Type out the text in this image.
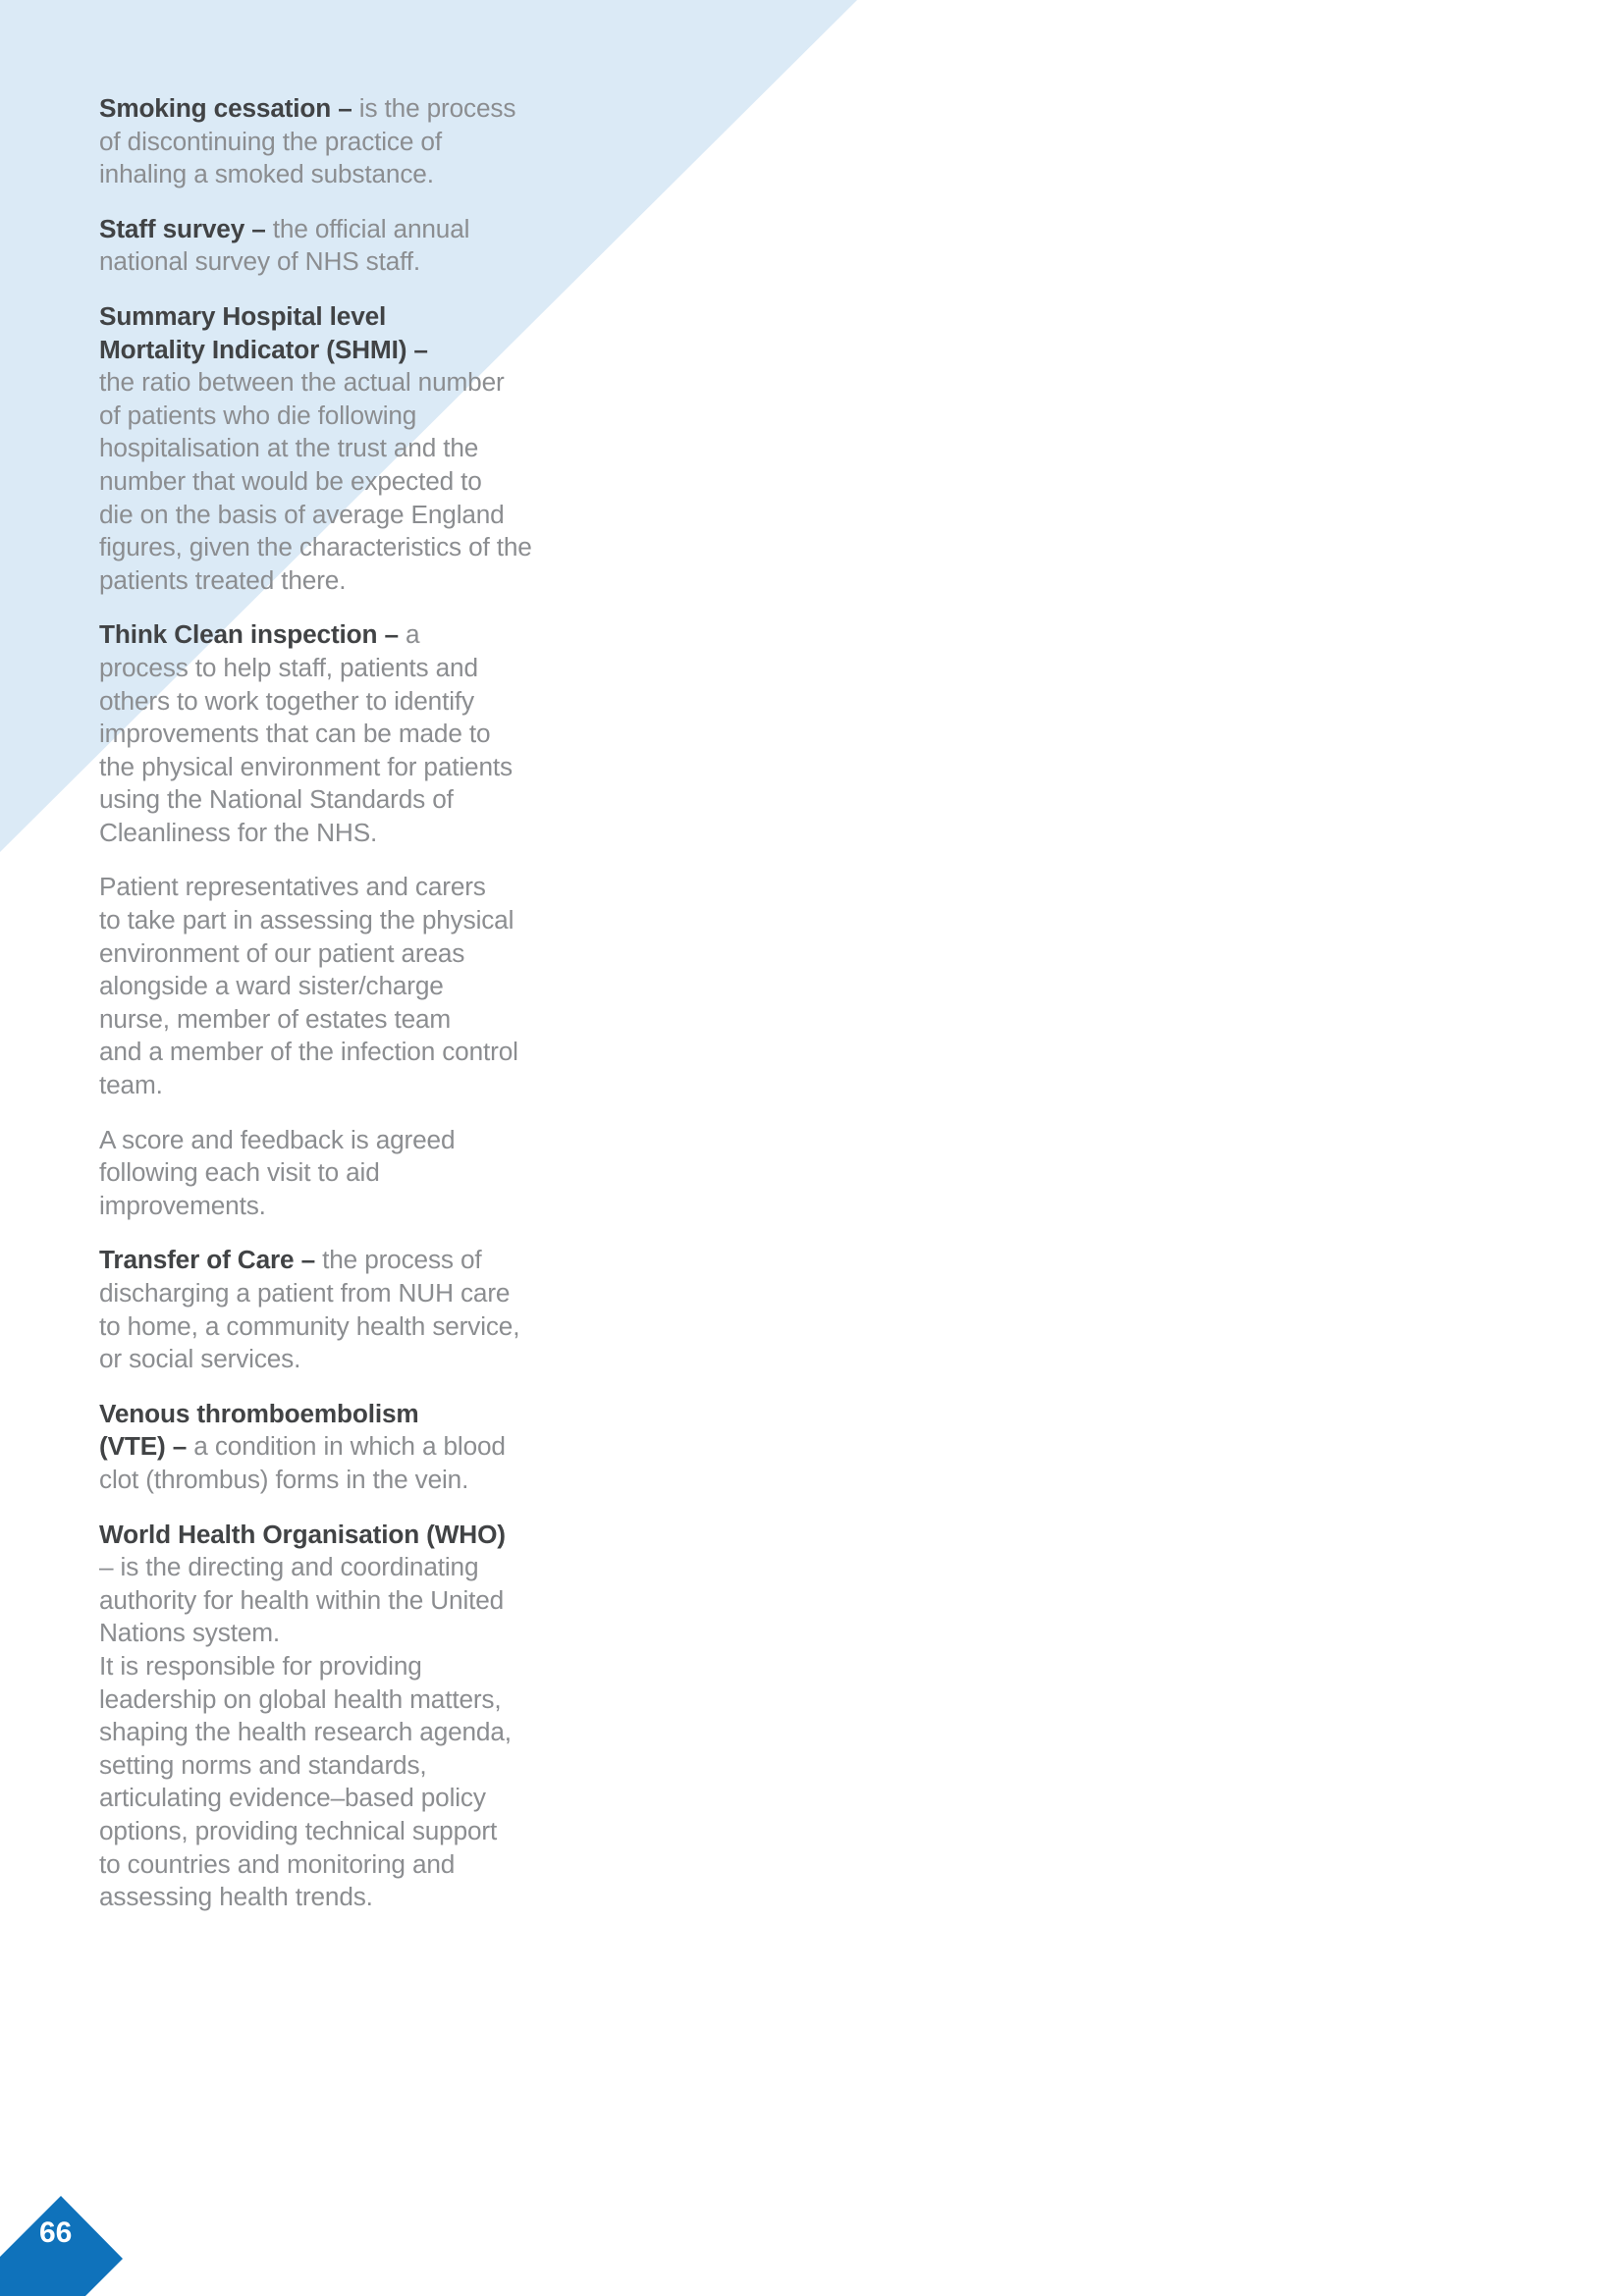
Smoking cessation – is the process
of discontinuing the practice of
inhaling a smoked substance.

Staff survey – the official annual
national survey of NHS staff.

Summary Hospital level
Mortality Indicator (SHMI) –
the ratio between the actual number
of patients who die following
hospitalisation at the trust and the
number that would be expected to
die on the basis of average England
figures, given the characteristics of the
patients treated there.

Think Clean inspection – a
process to help staff, patients and
others to work together to identify
improvements that can be made to
the physical environment for patients
using the National Standards of
Cleanliness for the NHS.

Patient representatives and carers
to take part in assessing the physical
environment of our patient areas
alongside a ward sister/charge
nurse, member of estates team
and a member of the infection control
team.

A score and feedback is agreed
following each visit to aid
improvements.

Transfer of Care – the process of
discharging a patient from NUH care
to home, a community health service,
or social services.

Venous thromboembolism
(VTE) – a condition in which a blood
clot (thrombus) forms in the vein.

World Health Organisation (WHO)
– is the directing and coordinating
authority for health within the United
Nations system.
It is responsible for providing
leadership on global health matters,
shaping the health research agenda,
setting norms and standards,
articulating evidence–based policy
options, providing technical support
to countries and monitoring and
assessing health trends.

66
